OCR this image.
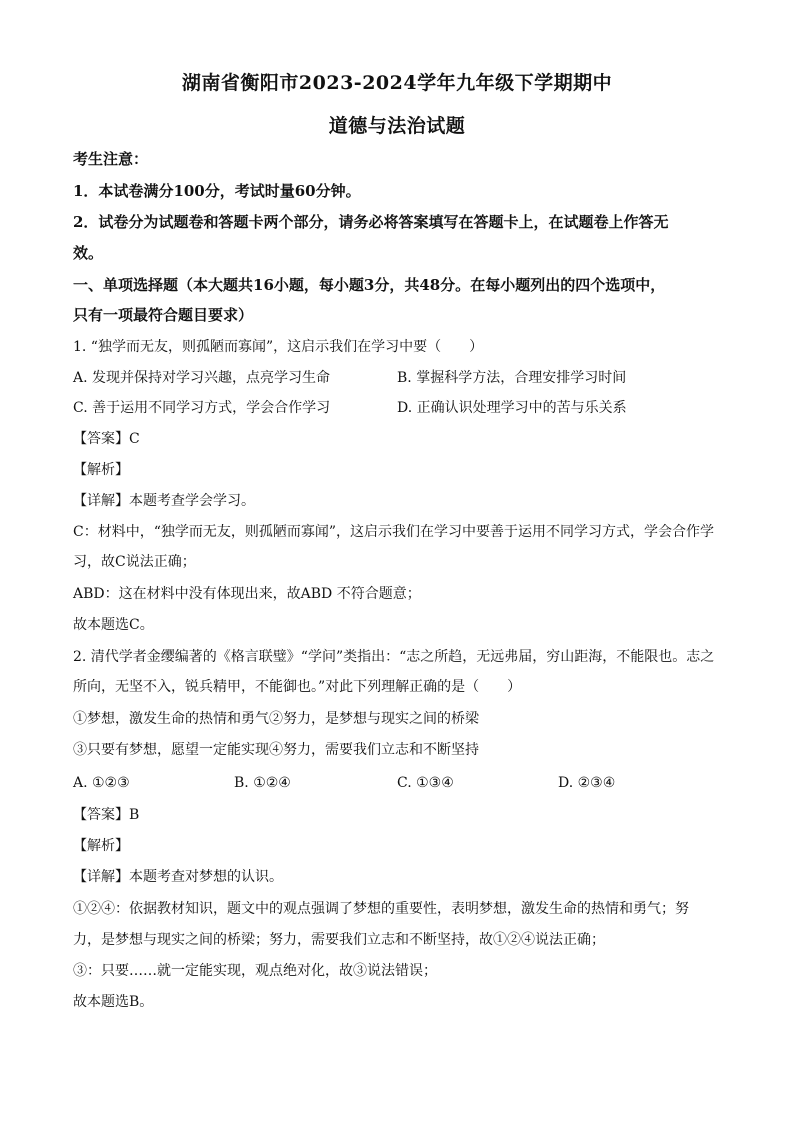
湖南省衡阳市2023-2024学年九年级下学期期中
道德与法治试题
考生注意：
1．本试卷满分100分，考试时量60分钟。
2．试卷分为试题卷和答题卡两个部分，请务必将答案填写在答题卡上，在试题卷上作答无
效。
一、单项选择题（本大题共16小题，每小题3分，共48分。在每小题列出的四个选项中，
只有一项最符合题目要求）
1. “独学而无友，则孤陋而寡闻”，这启示我们在学习中要（　　）
A. 发现并保持对学习兴趣，点亮学习生命	B. 掌握科学方法，合理安排学习时间
C. 善于运用不同学习方式，学会合作学习	D. 正确认识处理学习中的苦与乐关系
【答案】C
【解析】
【详解】本题考查学会学习。
C：材料中，“独学而无友，则孤陋而寡闻”，这启示我们在学习中要善于运用不同学习方式，学会合作学
习，故C说法正确；
ABD：这在材料中没有体现出来，故ABD 不符合题意；
故本题选C。
2. 清代学者金缨编著的《格言联璧》“学问”类指出：“志之所趋，无远弗届，穷山距海，不能限也。志之
所向，无坚不入，锐兵精甲，不能御也。”对此下列理解正确的是（　　）
①梦想，激发生命的热情和勇气②努力，是梦想与现实之间的桥梁
③只要有梦想，愿望一定能实现④努力，需要我们立志和不断坚持
A. ①②③	B. ①②④	C. ①③④	D. ②③④
【答案】B
【解析】
【详解】本题考查对梦想的认识。
①②④：依据教材知识，题文中的观点强调了梦想的重要性，表明梦想，激发生命的热情和勇气；努
力，是梦想与现实之间的桥梁；努力，需要我们立志和不断坚持，故①②④说法正确；
③：只要……就一定能实现，观点绝对化，故③说法错误；
故本题选B。
